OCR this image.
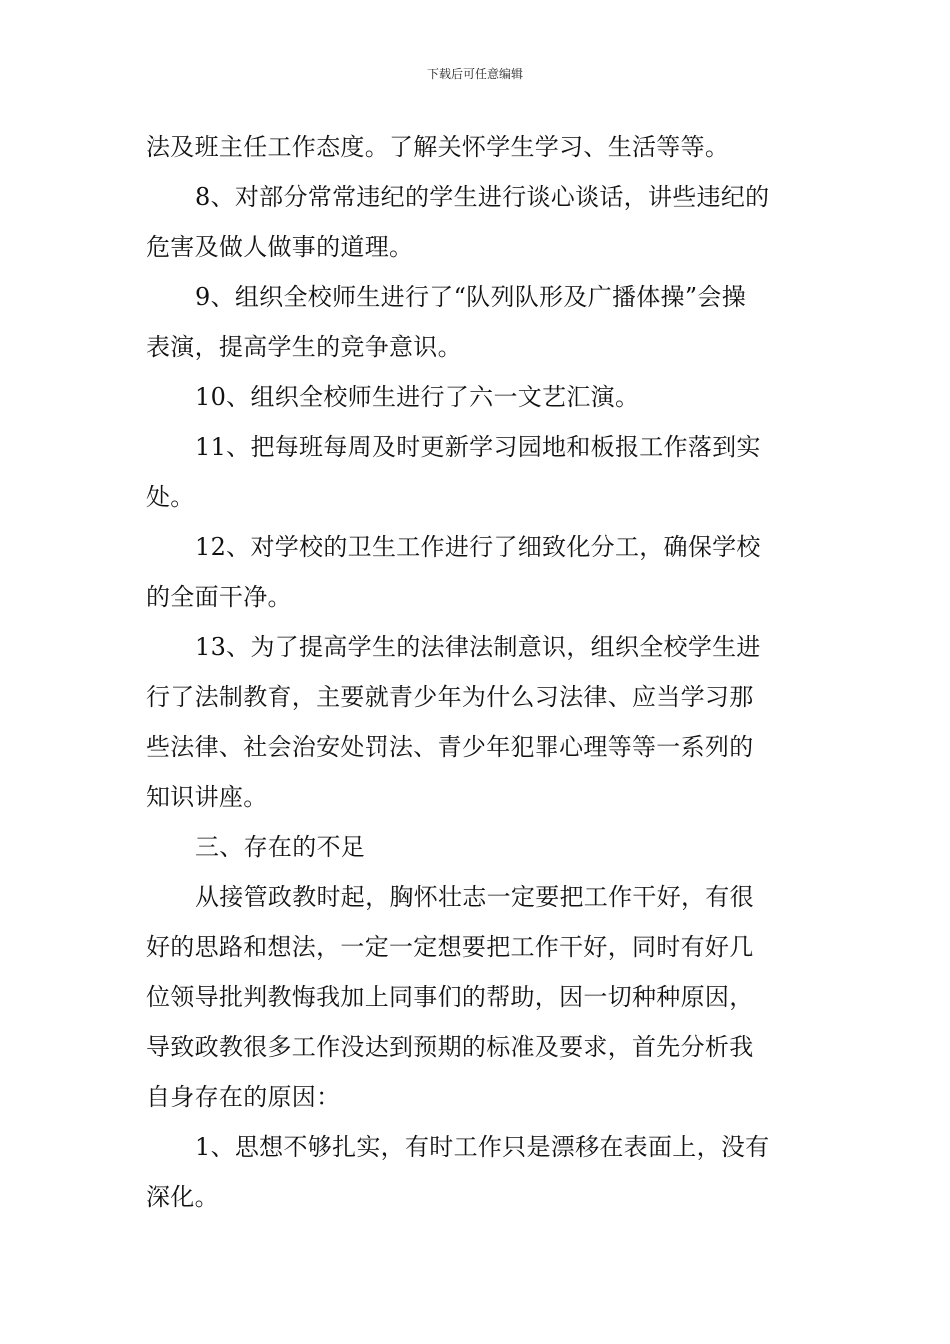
下载后可任意编辑
法及班主任工作态度。了解关怀学生学习、生活等等。
8、对部分常常违纪的学生进行谈心谈话，讲些违纪的
危害及做人做事的道理。
9、组织全校师生进行了“队列队形及广播体操”会操
表演，提高学生的竞争意识。
10、组织全校师生进行了六一文艺汇演。
11、把每班每周及时更新学习园地和板报工作落到实
处。
12、对学校的卫生工作进行了细致化分工，确保学校
的全面干净。
13、为了提高学生的法律法制意识，组织全校学生进
行了法制教育，主要就青少年为什么习法律、应当学习那
些法律、社会治安处罚法、青少年犯罪心理等等一系列的
知识讲座。
三、存在的不足
从接管政教时起，胸怀壮志一定要把工作干好，有很
好的思路和想法，一定一定想要把工作干好，同时有好几
位领导批判教悔我加上同事们的帮助，因一切种种原因，
导致政教很多工作没达到预期的标准及要求，首先分析我
自身存在的原因：
1、思想不够扎实，有时工作只是漂移在表面上，没有
深化。
